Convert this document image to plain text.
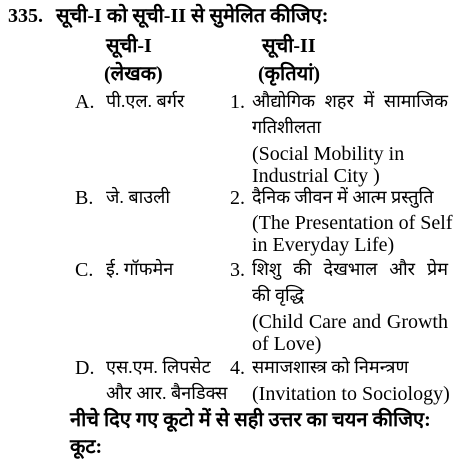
335. सूची-I को सूची-II से सुमेलित कीजिए:
सूची-I	सूची-II
(लेखक)	(कृतियां)
A. पी.एल. बर्गर 1. औद्योगिक शहर में सामाजिक
गतिशीलता
(Social Mobility in
Industrial City )
B. जे. बाउली	2. दैनिक जीवन में आत्म प्रस्तुति
(The Presentation of Self
in Everyday Life)
C. ई. गॉफमेन	3. शिशु की देखभाल और प्रेम
की वृद्धि
(Child Care and Growth
of Love)
D. एस.एम. लिपसेट
और आर. बैनडिक्स
4. समाजशास्त्र को निमन्त्रण
(Invitation to Sociology)
नीचे दिए गए कूटो में से सही उत्तर का चयन कीजिए:
कूट:
